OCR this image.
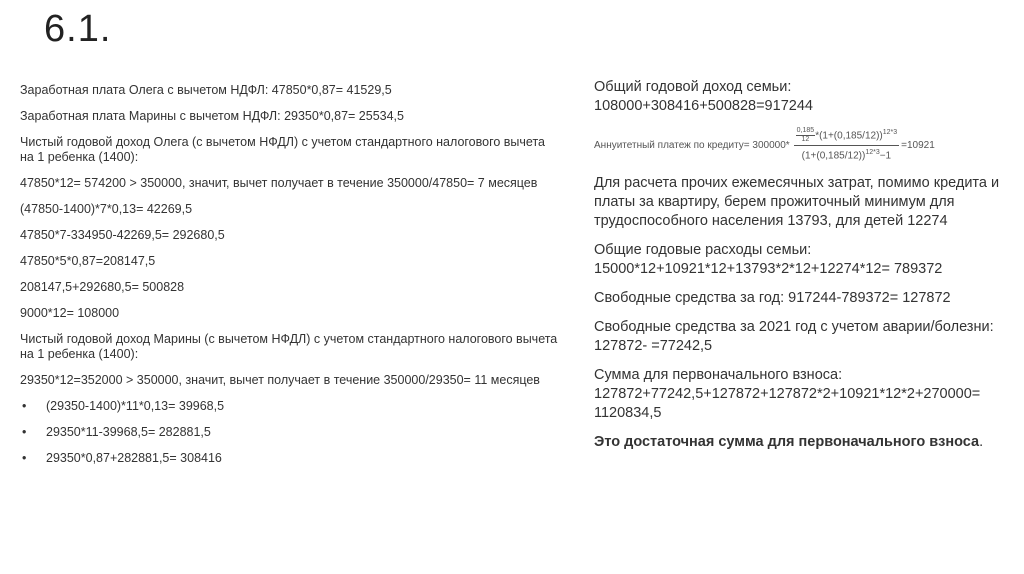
6.1.

Заработная плата Олега с вычетом НДФЛ: 47850*0,87= 41529,5

Заработная плата Марины с вычетом НДФЛ: 29350*0,87= 25534,5

Чистый годовой доход Олега (с вычетом НФДЛ) с учетом стандартного налогового вычета на 1 ребенка (1400):

47850*12= 574200 > 350000, значит, вычет получает в течение 350000/47850= 7 месяцев

(47850-1400)*7*0,13= 42269,5

47850*7-334950-42269,5= 292680,5

47850*5*0,87=208147,5

208147,5+292680,5= 500828

9000*12= 108000

Чистый годовой доход Марины (с вычетом НФДЛ) с учетом стандартного налогового вычета на 1 ребенка (1400):

29350*12=352000 > 350000, значит, вычет получает в течение 350000/29350= 11 месяцев

• (29350-1400)*11*0,13= 39968,5
• 29350*11-39968,5= 282881,5
• 29350*0,87+282881,5= 308416

Общий годовой доход семьи:
108000+308416+500828=917244

Аннуитетный платеж по кредиту= $300000* \frac{\frac{0,185}{12} *(1+(0,185/12))^{12*3}}{(1+(0,185/12))^{12*3}-1} =10921$

Для расчета прочих ежемесячных затрат, помимо кредита и платы за квартиру, берем прожиточный минимум для трудоспособного населения 13793, для детей 12274

Общие годовые расходы семьи: 15000*12+10921*12+13793*2*12+12274*12= 789372

Свободные средства за год: 917244-789372= 127872

Свободные средства за 2021 год с учетом аварии/болезни: 127872- =77242,5

Сумма для первоначального взноса: 127872+77242,5+127872+127872*2+10921*12*2+270000= 1120834,5

Это достаточная сумма для первоначального взноса.
